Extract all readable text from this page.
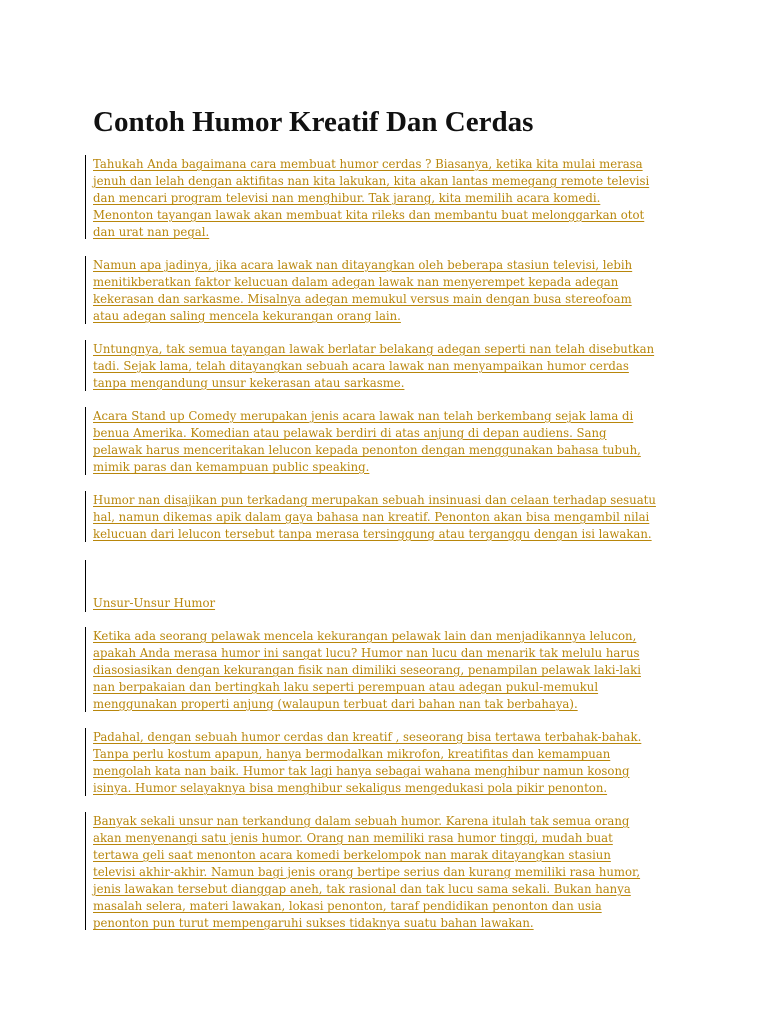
Contoh Humor Kreatif Dan Cerdas
Tahukah Anda bagaimana cara membuat humor cerdas ? Biasanya, ketika kita mulai merasa
jenuh dan lelah dengan aktifitas nan kita lakukan, kita akan lantas memegang remote televisi
dan mencari program televisi nan menghibur. Tak jarang, kita memilih acara komedi.
Menonton tayangan lawak akan membuat kita rileks dan membantu buat melonggarkan otot
dan urat nan pegal.
Namun apa jadinya, jika acara lawak nan ditayangkan oleh beberapa stasiun televisi, lebih
menitikberatkan faktor kelucuan dalam adegan lawak nan menyerempet kepada adegan
kekerasan dan sarkasme. Misalnya adegan memukul versus main dengan busa stereofoam
atau adegan saling mencela kekurangan orang lain.
Untungnya, tak semua tayangan lawak berlatar belakang adegan seperti nan telah disebutkan
tadi. Sejak lama, telah ditayangkan sebuah acara lawak nan menyampaikan humor cerdas
tanpa mengandung unsur kekerasan atau sarkasme.
Acara Stand up Comedy merupakan jenis acara lawak nan telah berkembang sejak lama di
benua Amerika. Komedian atau pelawak berdiri di atas anjung di depan audiens. Sang
pelawak harus menceritakan lelucon kepada penonton dengan menggunakan bahasa tubuh,
mimik paras dan kemampuan public speaking.
Humor nan disajikan pun terkadang merupakan sebuah insinuasi dan celaan terhadap sesuatu
hal, namun dikemas apik dalam gaya bahasa nan kreatif. Penonton akan bisa mengambil nilai
kelucuan dari lelucon tersebut tanpa merasa tersinggung atau terganggu dengan isi lawakan.
Unsur-Unsur Humor
Ketika ada seorang pelawak mencela kekurangan pelawak lain dan menjadikannya lelucon,
apakah Anda merasa humor ini sangat lucu? Humor nan lucu dan menarik tak melulu harus
diasosiasikan dengan kekurangan fisik nan dimiliki seseorang, penampilan pelawak laki-laki
nan berpakaian dan bertingkah laku seperti perempuan atau adegan pukul-memukul
menggunakan properti anjung (walaupun terbuat dari bahan nan tak berbahaya).
Padahal, dengan sebuah humor cerdas dan kreatif , seseorang bisa tertawa terbahak-bahak.
Tanpa perlu kostum apapun, hanya bermodalkan mikrofon, kreatifitas dan kemampuan
mengolah kata nan baik. Humor tak lagi hanya sebagai wahana menghibur namun kosong
isinya. Humor selayaknya bisa menghibur sekaligus mengedukasi pola pikir penonton.
Banyak sekali unsur nan terkandung dalam sebuah humor. Karena itulah tak semua orang
akan menyenangi satu jenis humor. Orang nan memiliki rasa humor tinggi, mudah buat
tertawa geli saat menonton acara komedi berkelompok nan marak ditayangkan stasiun
televisi akhir-akhir. Namun bagi jenis orang bertipe serius dan kurang memiliki rasa humor,
jenis lawakan tersebut dianggap aneh, tak rasional dan tak lucu sama sekali. Bukan hanya
masalah selera, materi lawakan, lokasi penonton, taraf pendidikan penonton dan usia
penonton pun turut mempengaruhi sukses tidaknya suatu bahan lawakan.
